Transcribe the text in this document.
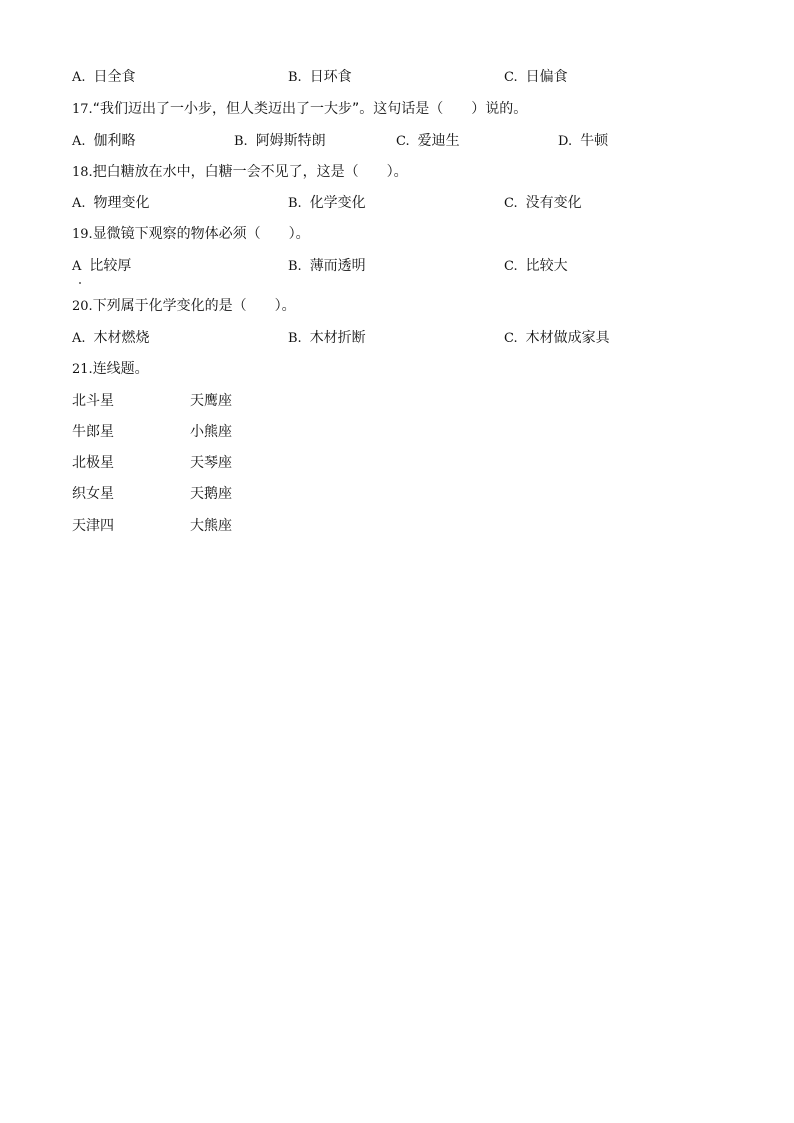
A. 日全食	B. 日环食	C. 日偏食
17.“我们迈出了一小步，但人类迈出了一大步”。这句话是（　　）说的。
A. 伽利略	B. 阿姆斯特朗	C. 爱迪生	D. 牛顿
18.把白糖放在水中，白糖一会不见了，这是（　　）。
A. 物理变化	B. 化学变化	C. 没有变化
19.显微镜下观察的物体必须（　　）。
A 比较厚	B. 薄而透明	C. 比较大
20.下列属于化学变化的是（　　）。
A. 木材燃烧	B. 木材折断	C. 木材做成家具
21.连线题。
北斗星	天鹰座
牛郎星	小熊座
北极星	天琴座
织女星	天鹅座
天津四	大熊座
